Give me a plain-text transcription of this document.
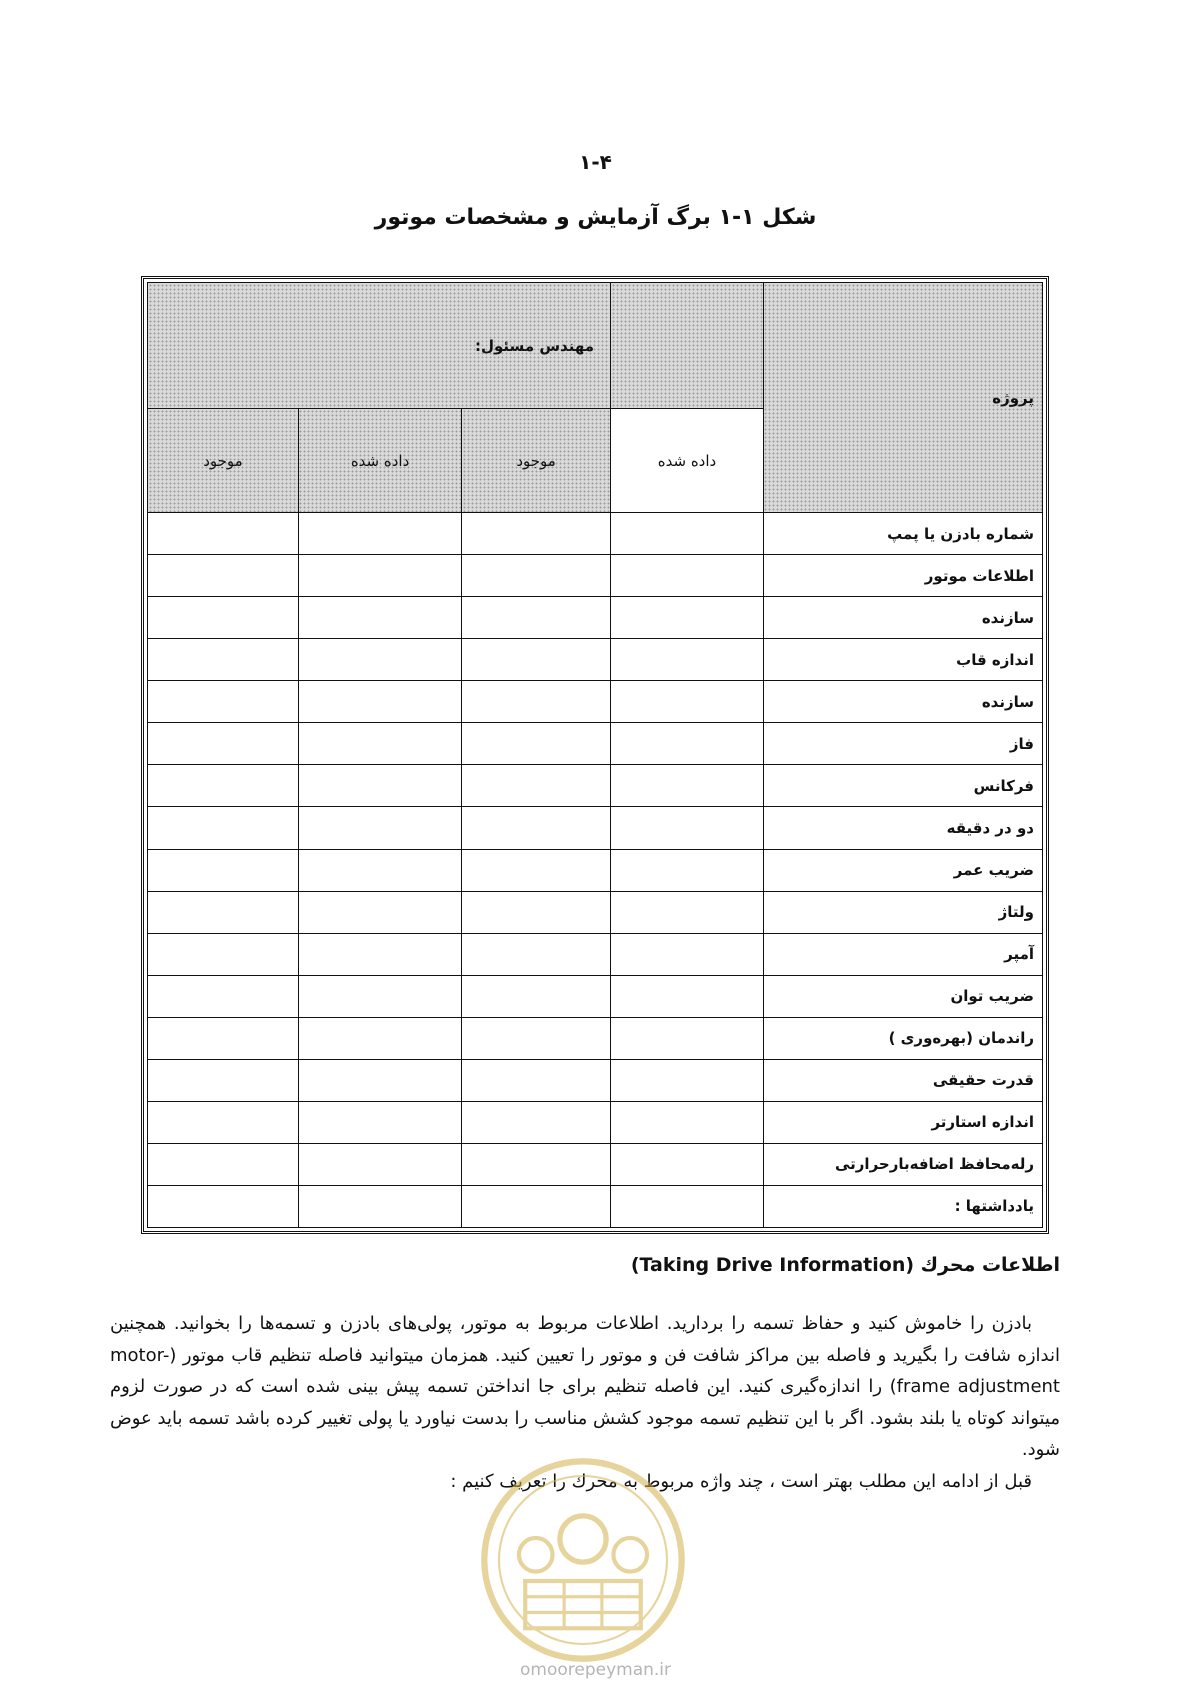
۱-۴
شکل ۱-۱ برگ آزمایش و مشخصات موتور
پروژه		مهندس مسئول:		
	داده شده	موجود	داده شده	موجود
شماره بادزن یا پمپ				
اطلاعات موتور				
سازنده				
اندازه قاب				
سازنده				
فاز				
فرکانس				
دو در دقیقه				
ضریب عمر				
ولتاژ				
آمپر				
ضریب توان				
راندمان (بهره‌وری )				
قدرت حقیقی				
اندازه استارتر				
رله‌محافظ اضافه‌بارحرارتی				
یادداشتها :				
اطلاعات محرك (Taking Drive Information)

بادزن را خاموش کنید و حفاظ تسمه را بردارید. اطلاعات مربوط به موتور، پولی‌های بادزن و تسمه‌ها را بخوانید. همچنین اندازه شافت را بگیرید و فاصله بین مراکز شافت فن و موتور را تعیین کنید. همزمان میتوانید فاصله تنظیم قاب موتور (motor-frame adjustment) را اندازه‌گیری کنید. این فاصله تنظیم برای جا انداختن تسمه پیش بینی شده است که در صورت لزوم میتواند کوتاه یا بلند بشود. اگر با این تنظیم تسمه موجود کشش مناسب را بدست نیاورد یا پولی تغییر کرده باشد تسمه باید عوض شود.

قبل از ادامه این مطلب بهتر است ، چند واژه مربوط به محرك را تعریف کنیم :

omoorepeyman.ir
